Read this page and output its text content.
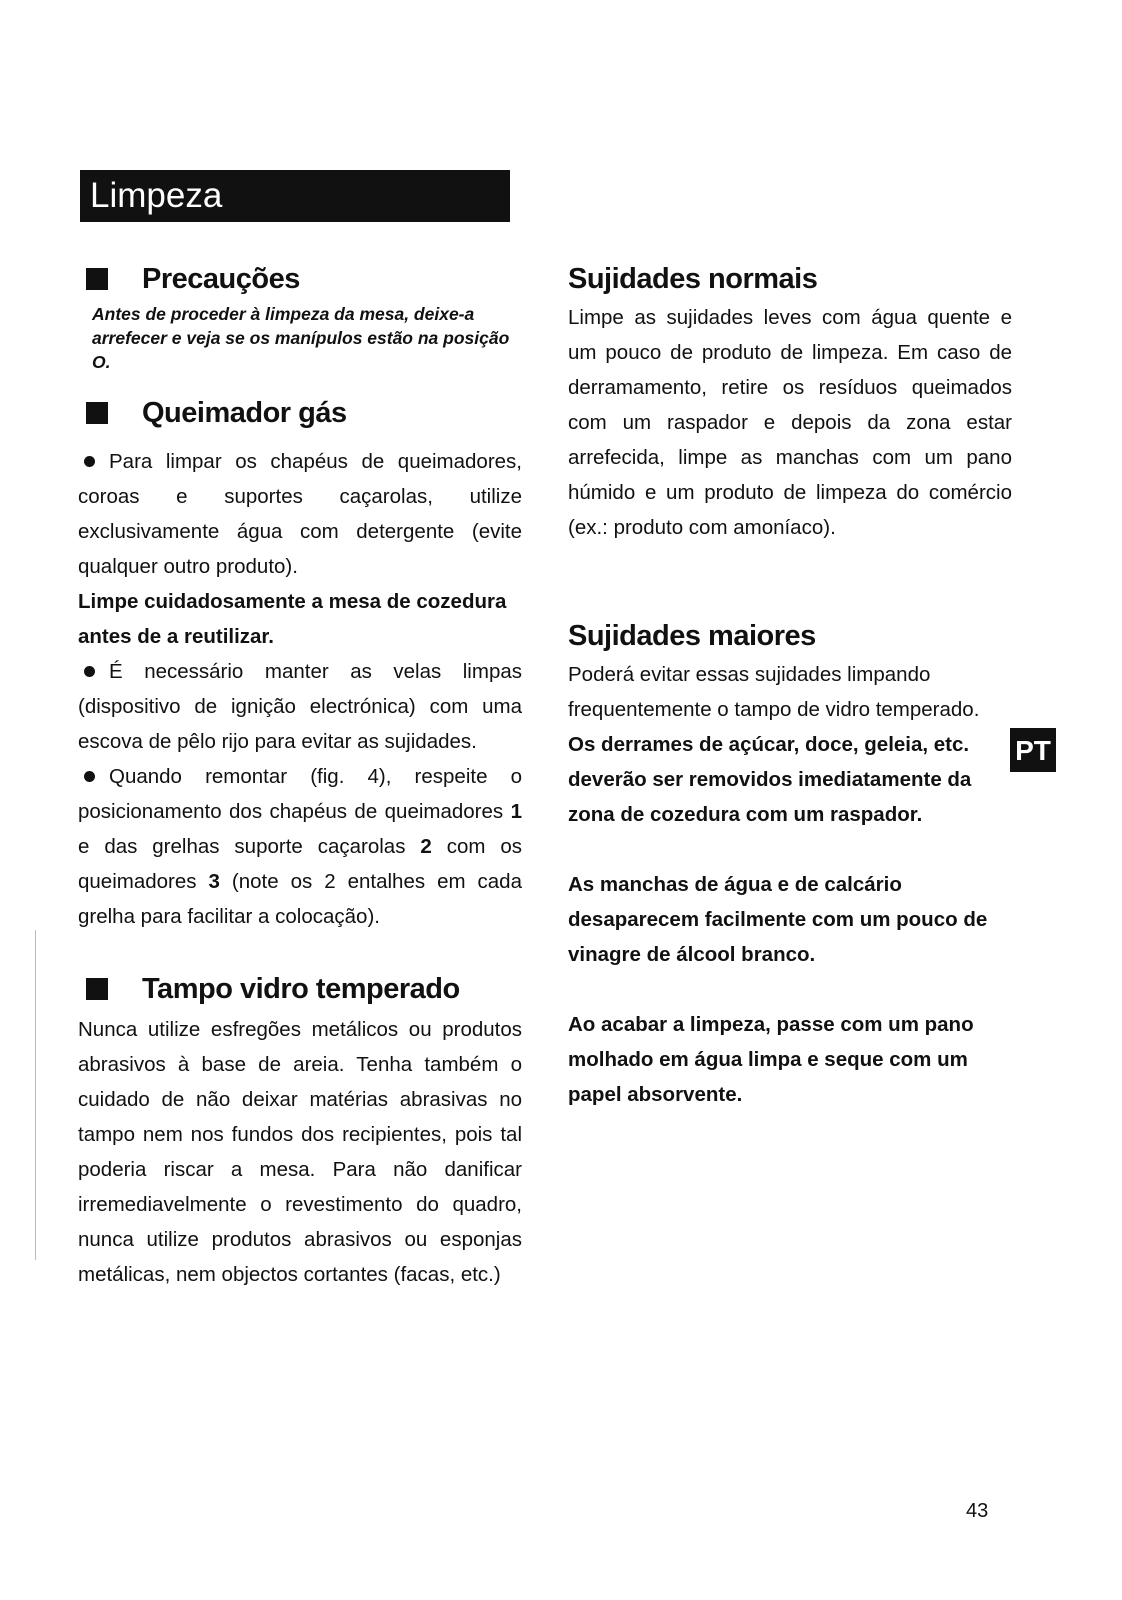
Limpeza
Precauções

Antes de proceder à limpeza da mesa, deixe-a arrefecer e veja se os manípulos estão na posição O.

Queimador gás

Para limpar os chapéus de queimadores, coroas e suportes caçarolas, utilize exclusivamente água com detergente (evite qualquer outro produto).

Limpe cuidadosamente a mesa de cozedura antes de a reutilizar.

É necessário manter as velas limpas (dispositivo de ignição electrónica) com uma escova de pêlo rijo para evitar as sujidades.

Quando remontar (fig. 4), respeite o posicionamento dos chapéus de queimadores 1 e das grelhas suporte caçarolas 2 com os queimadores 3 (note os 2 entalhes em cada grelha para facilitar a colocação).

Tampo vidro temperado

Nunca utilize esfregões metálicos ou produtos abrasivos à base de areia. Tenha também o cuidado de não deixar matérias abrasivas no tampo nem nos fundos dos recipientes, pois tal poderia riscar a mesa. Para não danificar irremediavelmente o revestimento do quadro, nunca utilize produtos abrasivos ou esponjas metálicas, nem objectos cortantes (facas, etc.)

Sujidades normais

Limpe as sujidades leves com água quente e um pouco de produto de limpeza. Em caso de derramamento, retire os resíduos queimados com um raspador e depois da zona estar arrefecida, limpe as manchas com um pano húmido e um produto de limpeza do comércio (ex.: produto com amoníaco).

Sujidades maiores

Poderá evitar essas sujidades limpando frequentemente o tampo de vidro temperado.

Os derrames de açúcar, doce, geleia, etc. deverão ser removidos imediatamente da zona de cozedura com um raspador.

As manchas de água e de calcário desaparecem facilmente com um pouco de vinagre de álcool branco.

Ao acabar a limpeza, passe com um pano molhado em água limpa e seque com um papel absorvente.

PT
43
